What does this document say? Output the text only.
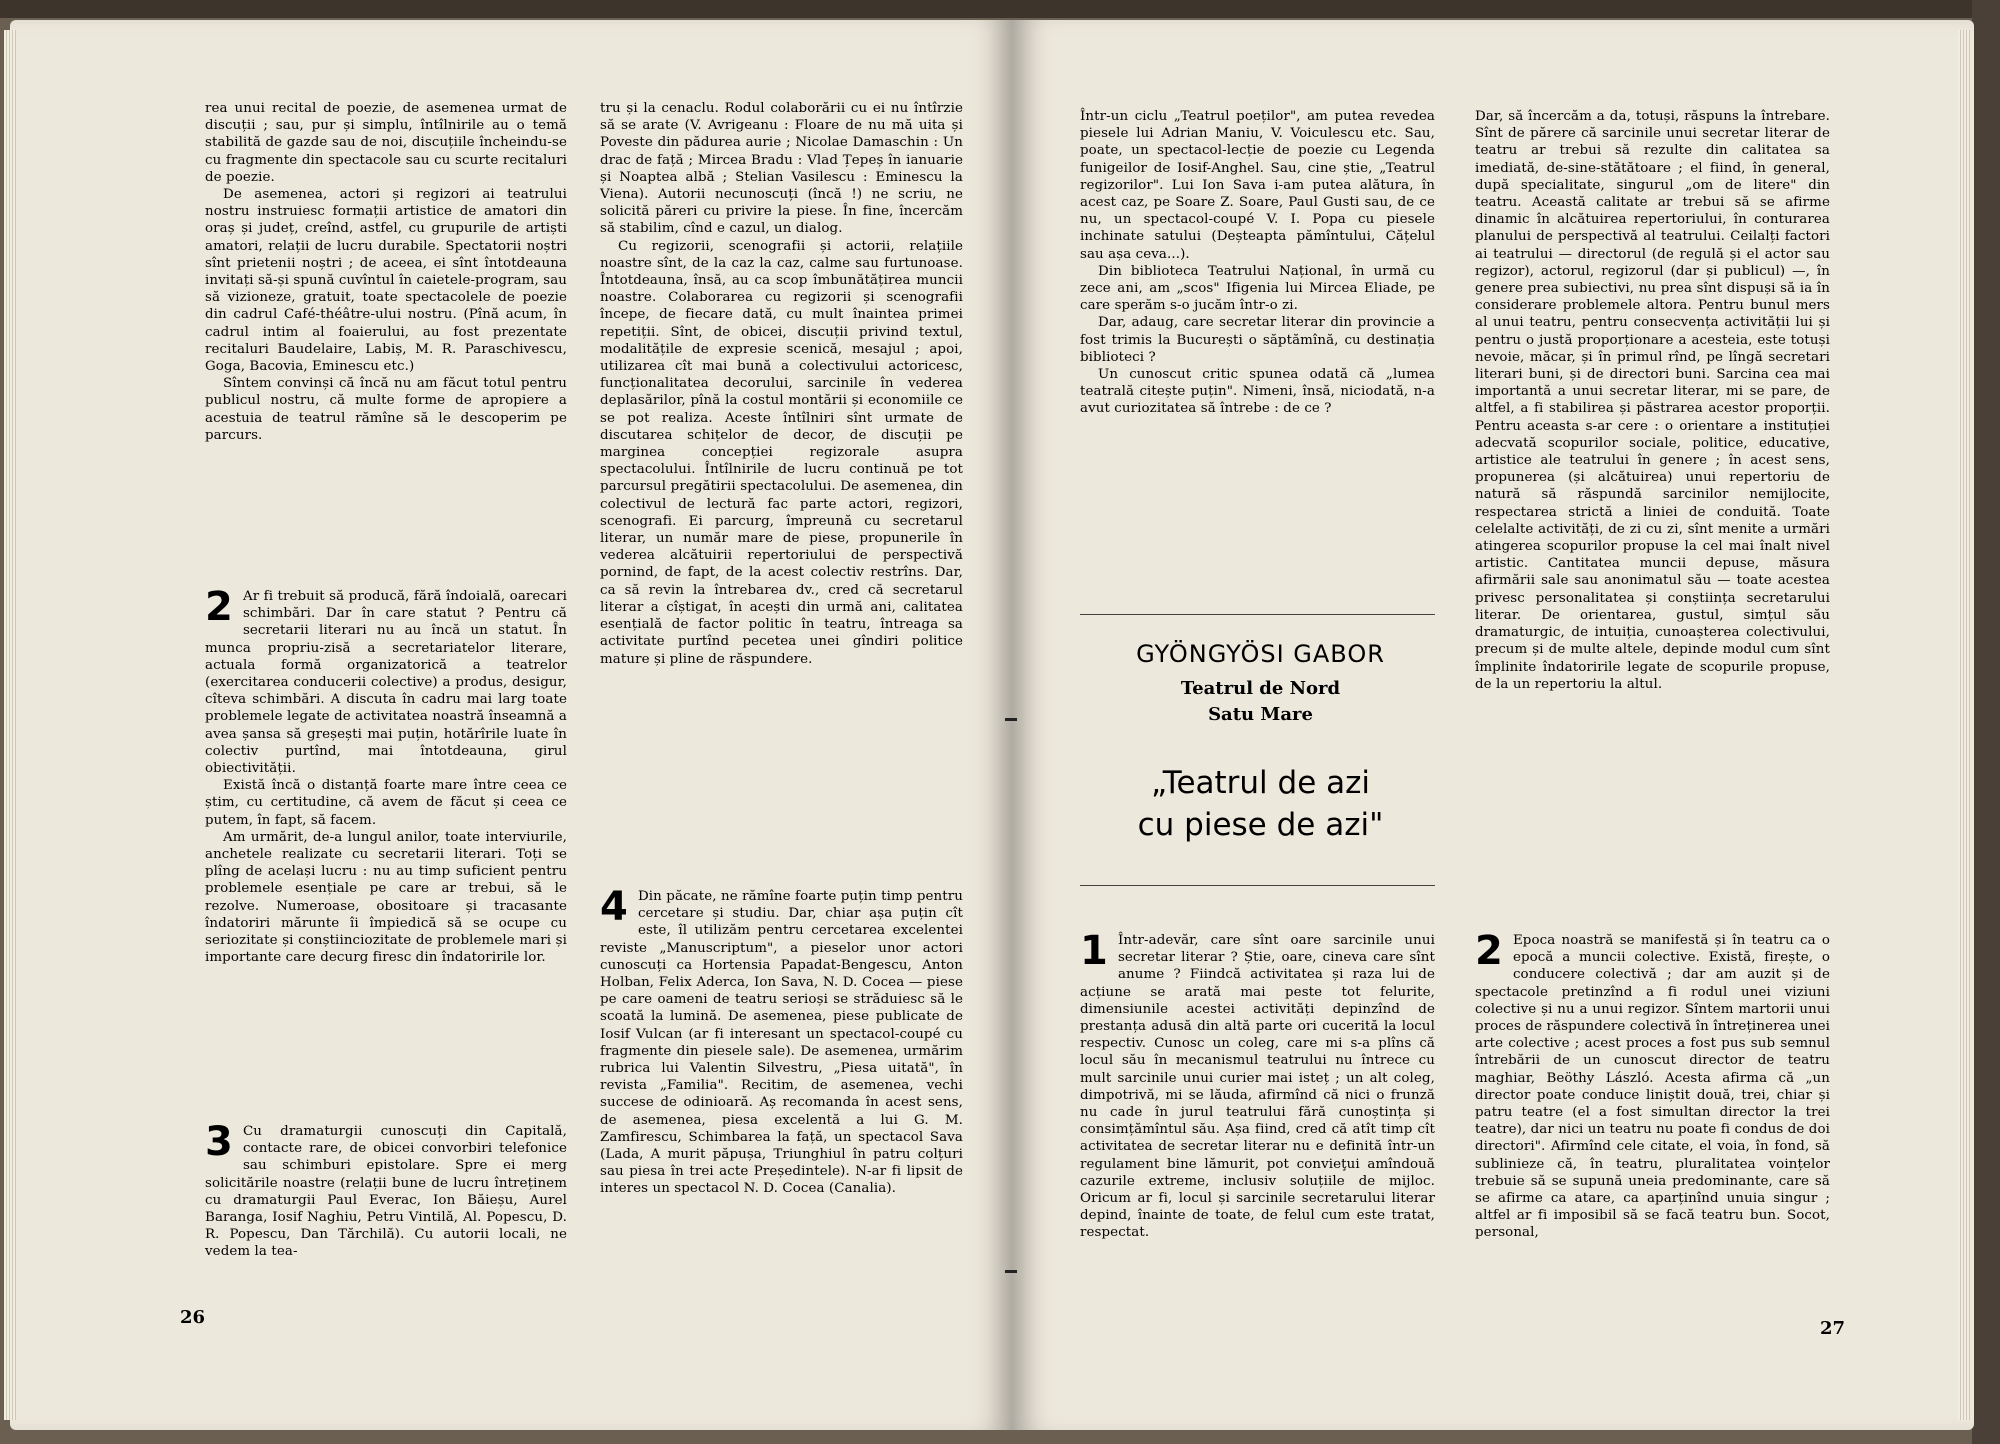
rea unui recital de poezie, de asemenea urmat de discuții ; sau, pur și simplu, întîlnirile au o temă stabilită de gazde sau de noi, discuțiile încheindu-se cu fragmente din spectacole sau cu scurte recitaluri de poezie.

De asemenea, actori și regizori ai teatrului nostru instruiesc formații artistice de amatori din oraș și județ, creînd, astfel, cu grupurile de artiști amatori, relații de lucru durabile. Spectatorii noștri sînt prietenii noștri ; de aceea, ei sînt întotdeauna invitați să-și spună cuvîntul în caietele-program, sau să vizioneze, gratuit, toate spectacolele de poezie din cadrul Café-théâtre-ului nostru. (Pînă acum, în cadrul intim al foaierului, au fost prezentate recitaluri Baudelaire, Labiș, M. R. Paraschivescu, Goga, Bacovia, Eminescu etc.)

Sîntem convinși că încă nu am făcut totul pentru publicul nostru, că multe forme de apropiere a acestuia de teatrul rămîne să le descoperim pe parcurs.

2 Ar fi trebuit să producă, fără îndoială, oarecari schimbări. Dar în care statut ? Pentru că secretarii literari nu au încă un statut. În munca propriu-zisă a secretariatelor literare, actuala formă organizatorică a teatrelor (exercitarea conducerii colective) a produs, desigur, cîteva schimbări. A discuta în cadru mai larg toate problemele legate de activitatea noastră înseamnă a avea șansa să greșești mai puțin, hotărîrile luate în colectiv purtînd, mai întotdeauna, girul obiectivității.

Există încă o distanță foarte mare între ceea ce știm, cu certitudine, că avem de făcut și ceea ce putem, în fapt, să facem.

Am urmărit, de-a lungul anilor, toate interviurile, anchetele realizate cu secretarii literari. Toți se plîng de același lucru : nu au timp suficient pentru problemele esențiale pe care ar trebui, să le rezolve. Numeroase, obositoare și tracasante îndatoriri mărunte îi împiedică să se ocupe cu seriozitate și conștiinciozitate de problemele mari și importante care decurg firesc din îndatoririle lor.

3 Cu dramaturgii cunoscuți din Capitală, contacte rare, de obicei convorbiri telefonice sau schimburi epistolare. Spre ei merg solicitările noastre (relații bune de lucru întreținem cu dramaturgii Paul Everac, Ion Băieșu, Aurel Baranga, Iosif Naghiu, Petru Vintilă, Al. Popescu, D. R. Popescu, Dan Tărchilă). Cu autorii locali, ne vedem la tea-

26

tru și la cenaclu. Rodul colaborării cu ei nu întîrzie să se arate (V. Avrigeanu : Floare de nu mă uita și Poveste din pădurea aurie ; Nicolae Damaschin : Un drac de față ; Mircea Bradu : Vlad Țepeș în ianuarie și Noaptea albă ; Stelian Vasilescu : Eminescu la Viena). Autorii necunoscuți (încă !) ne scriu, ne solicită păreri cu privire la piese. În fine, încercăm să stabilim, cînd e cazul, un dialog.

Cu regizorii, scenografii și actorii, relațiile noastre sînt, de la caz la caz, calme sau furtunoase. Întotdeauna, însă, au ca scop îmbunătățirea muncii noastre. Colaborarea cu regizorii și scenografii începe, de fiecare dată, cu mult înaintea primei repetiții. Sînt, de obicei, discuții privind textul, modalitățile de expresie scenică, mesajul ; apoi, utilizarea cît mai bună a colectivului actoricesc, funcționalitatea decorului, sarcinile în vederea deplasărilor, pînă la costul montării și economiile ce se pot realiza. Aceste întîlniri sînt urmate de discutarea schițelor de decor, de discuții pe marginea concepției regizorale asupra spectacolului. Întîlnirile de lucru continuă pe tot parcursul pregătirii spectacolului. De asemenea, din colectivul de lectură fac parte actori, regizori, scenografi. Ei parcurg, împreună cu secretarul literar, un număr mare de piese, propunerile în vederea alcătuirii repertoriului de perspectivă pornind, de fapt, de la acest colectiv restrîns. Dar, ca să revin la întrebarea dv., cred că secretarul literar a cîștigat, în acești din urmă ani, calitatea esențială de factor politic în teatru, întreaga sa activitate purtînd pecetea unei gîndiri politice mature și pline de răspundere.

4 Din păcate, ne rămîne foarte puțin timp pentru cercetare și studiu. Dar, chiar așa puțin cît este, îl utilizăm pentru cercetarea excelentei reviste „Manuscriptum", a pieselor unor actori cunoscuți ca Hortensia Papadat-Bengescu, Anton Holban, Felix Aderca, Ion Sava, N. D. Cocea — piese pe care oameni de teatru serioși se străduiesc să le scoată la lumină. De asemenea, piese publicate de Iosif Vulcan (ar fi interesant un spectacol-coupé cu fragmente din piesele sale). De asemenea, urmărim rubrica lui Valentin Silvestru, „Piesa uitată", în revista „Familia". Recitim, de asemenea, vechi succese de odinioară. Aș recomanda în acest sens, de asemenea, piesa excelentă a lui G. M. Zamfirescu, Schimbarea la față, un spectacol Sava (Lada, A murit păpușa, Triunghiul în patru colțuri sau piesa în trei acte Președintele). N-ar fi lipsit de interes un spectacol N. D. Cocea (Canalia).

Într-un ciclu „Teatrul poeților", am putea revedea piesele lui Adrian Maniu, V. Voiculescu etc. Sau, poate, un spectacol-lecție de poezie cu Legenda funigeilor de Iosif-Anghel. Sau, cine știe, „Teatrul regizorilor". Lui Ion Sava i-am putea alătura, în acest caz, pe Soare Z. Soare, Paul Gusti sau, de ce nu, un spectacol-coupé V. I. Popa cu piesele inchinate satului (Deșteapta pămîntului, Cățelul sau așa ceva...).

Din biblioteca Teatrului Național, în urmă cu zece ani, am „scos" Ifigenia lui Mircea Eliade, pe care sperăm s-o jucăm într-o zi.

Dar, adaug, care secretar literar din provincie a fost trimis la București o săptămînă, cu destinația biblioteci ?

Un cunoscut critic spunea odată că „lumea teatrală citește puțin". Nimeni, însă, niciodată, n-a avut curiozitatea să întrebe : de ce ?

GYÖNGYÖSI GABOR
Teatrul de Nord
Satu Mare
„Teatrul de azi
cu piese de azi"
1 Într-adevăr, care sînt oare sarcinile unui secretar literar ? Știe, oare, cineva care sînt anume ? Fiindcă activitatea și raza lui de acțiune se arată mai peste tot felurite, dimensiunile acestei activități depinzînd de prestanța adusă din altă parte ori cucerită la locul respectiv. Cunosc un coleg, care mi s-a plîns că locul său în mecanismul teatrului nu întrece cu mult sarcinile unui curier mai isteț ; un alt coleg, dimpotrivă, mi se lăuda, afirmînd că nici o frunză nu cade în jurul teatrului fără cunoștința și consimțămîntul său. Așa fiind, cred că atît timp cît activitatea de secretar literar nu e definită într-un regulament bine lămurit, pot convieţui amîndouă cazurile extreme, inclusiv soluțiile de mijloc. Oricum ar fi, locul și sarcinile secretarului literar depind, înainte de toate, de felul cum este tratat, respectat.

Dar, să încercăm a da, totuși, răspuns la întrebare. Sînt de părere că sarcinile unui secretar literar de teatru ar trebui să rezulte din calitatea sa imediată, de-sine-stătătoare ; el fiind, în general, după specialitate, singurul „om de litere" din teatru. Această calitate ar trebui să se afirme dinamic în alcătuirea repertoriului, în conturarea planului de perspectivă al teatrului. Ceilalți factori ai teatrului — directorul (de regulă și el actor sau regizor), actorul, regizorul (dar și publicul) —, în genere prea subiectivi, nu prea sînt dispuși să ia în considerare problemele altora. Pentru bunul mers al unui teatru, pentru consecvența activității lui și pentru o justă proporționare a acesteia, este totuși nevoie, măcar, și în primul rînd, pe lîngă secretari literari buni, și de directori buni. Sarcina cea mai importantă a unui secretar literar, mi se pare, de altfel, a fi stabilirea și păstrarea acestor proporții. Pentru aceasta s-ar cere : o orientare a instituției adecvată scopurilor sociale, politice, educative, artistice ale teatrului în genere ; în acest sens, propunerea (și alcătuirea) unui repertoriu de natură să răspundă sarcinilor nemijlocite, respectarea strictă a liniei de conduită. Toate celelalte activități, de zi cu zi, sînt menite a urmări atingerea scopurilor propuse la cel mai înalt nivel artistic. Cantitatea muncii depuse, măsura afirmării sale sau anonimatul său — toate acestea privesc personalitatea și conștiința secretarului literar. De orientarea, gustul, simțul său dramaturgic, de intuiția, cunoașterea colectivului, precum și de multe altele, depinde modul cum sînt împlinite îndatoririle legate de scopurile propuse, de la un repertoriu la altul.

2 Epoca noastră se manifestă și în teatru ca o epocă a muncii colective. Există, firește, o conducere colectivă ; dar am auzit și de spectacole pretinzînd a fi rodul unei viziuni colective și nu a unui regizor. Sîntem martorii unui proces de răspundere colectivă în întreținerea unei arte colective ; acest proces a fost pus sub semnul întrebării de un cunoscut director de teatru maghiar, Beöthy László. Acesta afirma că „un director poate conduce liniștit două, trei, chiar și patru teatre (el a fost simultan director la trei teatre), dar nici un teatru nu poate fi condus de doi directori". Afirmînd cele citate, el voia, în fond, să sublinieze că, în teatru, pluralitatea voințelor trebuie să se supună uneia predominante, care să se afirme ca atare, ca aparținînd unuia singur ; altfel ar fi imposibil să se facă teatru bun. Socot, personal,

27
